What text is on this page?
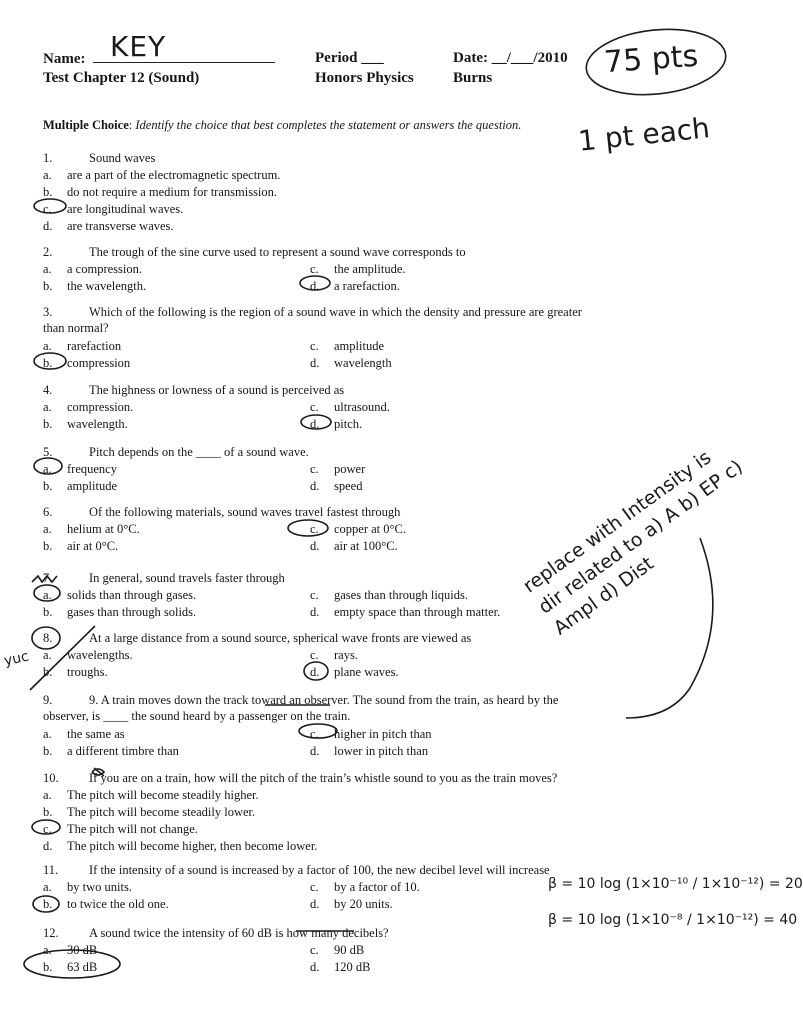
Name: KEY
Test Chapter 12 (Sound)
Period ___
Honors Physics
Date: __/___/2010
Burns	75 pts
Multiple Choice: Identify the choice that best completes the statement or answers the question. 1 pt each
1.	Sound waves
a. are a part of the electromagnetic spectrum.
b. do not require a medium for transmission.
c. are longitudinal waves.
d. are transverse waves.
2.	The trough of the sine curve used to represent a sound wave corresponds to
a. a compression.	c. the amplitude.
b. the wavelength.	d. a rarefaction.
3.	Which of the following is the region of a sound wave in which the density and pressure are greater
than normal?
a. rarefaction	c. amplitude
b. compression	d. wavelength
4.	The highness or lowness of a sound is perceived as
a. compression.	c. ultrasound.
b. wavelength.	d. pitch.
5.	Pitch depends on the ____ of a sound wave.
a. frequency	c. power
b. amplitude	d. speed
6.	Of the following materials, sound waves travel fastest through
a. helium at 0°C.	c. copper at 0°C.
b. air at 0°C.	d. air at 100°C.
7.	In general, sound travels faster through
a. solids than through gases.	c. gases than through liquids.
b. gases than through solids.	d. empty space than through matter.
8.	At a large distance from a sound source, spherical wave fronts are viewed as
a. wavelengths.	c. rays.
b. troughs.	d. plane waves.
9.	9. A train moves down the track toward an observer. The sound from the train, as heard by the
observer, is ____ the sound heard by a passenger on the train.
a. the same as	c. higher in pitch than
b. a different timbre than	d. lower in pitch than
10. If you are on a train, how will the pitch of the train’s whistle sound to you as the train moves?
a. The pitch will become steadily higher.
b. The pitch will become steadily lower.
c. The pitch will not change.
d. The pitch will become higher, then become lower.
11. If the intensity of a sound is increased by a factor of 100, the new decibel level will increase
a. by two units.	c. by a factor of 10.
b. to twice the old one.	d. by 20 units.
12. A sound twice the intensity of 60 dB is how many decibels?
a. 30 dB	c. 90 dB
b. 63 dB	d. 120 dB
replace with Intensity is dir related to a) A b) EP c) Ampl d) Dist
yuc
β = 10 log (1×10⁻¹⁰ / 1×10⁻¹²) = 20
β = 10 log (1×10⁻⁸ / 1×10⁻¹²) = 40
